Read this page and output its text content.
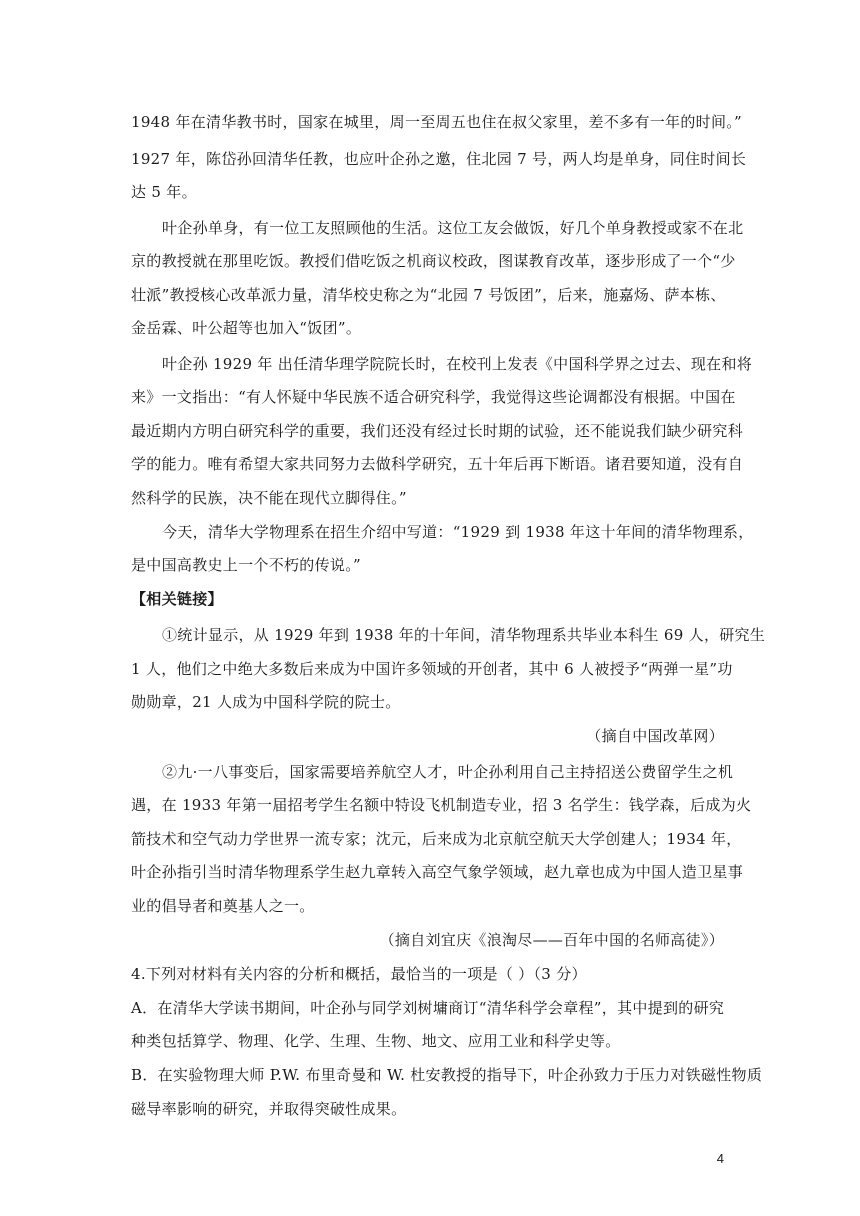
1948 年在清华教书时，国家在城里，周一至周五也住在叔父家里，差不多有一年的时间。”
1927 年，陈岱孙回清华任教，也应叶企孙之邀，住北园 7 号，两人均是单身，同住时间长
达 5 年。
叶企孙单身，有一位工友照顾他的生活。这位工友会做饭，好几个单身教授或家不在北
京的教授就在那里吃饭。教授们借吃饭之机商议校政，图谋教育改革，逐步形成了一个“少
壮派”教授核心改革派力量，清华校史称之为“北园 7 号饭团”，后来，施嘉炀、萨本栋、
金岳霖、叶公超等也加入“饭团”。
叶企孙 1929 年 出任清华理学院院长时，在校刊上发表《中国科学界之过去、现在和将
来》一文指出：“有人怀疑中华民族不适合研究科学，我觉得这些论调都没有根据。中国在
最近期内方明白研究科学的重要，我们还没有经过长时期的试验，还不能说我们缺少研究科
学的能力。唯有希望大家共同努力去做科学研究，五十年后再下断语。诸君要知道，没有自
然科学的民族，决不能在现代立脚得住。”
今天，清华大学物理系在招生介绍中写道：“1929 到 1938 年这十年间的清华物理系，
是中国高教史上一个不朽的传说。”
【相关链接】
①统计显示，从 1929 年到 1938 年的十年间，清华物理系共毕业本科生 69 人，研究生
1 人，他们之中绝大多数后来成为中国许多领域的开创者，其中 6 人被授予“两弹一星”功
勋勋章，21 人成为中国科学院的院士。
（摘自中国改革网）
②九·一八事变后，国家需要培养航空人才，叶企孙利用自己主持招送公费留学生之机
遇，在 1933 年第一届招考学生名额中特设飞机制造专业，招 3 名学生：钱学森，后成为火
箭技术和空气动力学世界一流专家；沈元，后来成为北京航空航天大学创建人；1934 年，
叶企孙指引当时清华物理系学生赵九章转入高空气象学领域，赵九章也成为中国人造卫星事
业的倡导者和奠基人之一。
（摘自刘宜庆《浪淘尽——百年中国的名师高徒》）
4.下列对材料有关内容的分析和概括，最恰当的一项是（ ）（3 分）
A．在清华大学读书期间，叶企孙与同学刘树墉商订“清华科学会章程”，其中提到的研究
种类包括算学、物理、化学、生理、生物、地文、应用工业和科学史等。
B．在实验物理大师 P.W. 布里奇曼和 W. 杜安教授的指导下，叶企孙致力于压力对铁磁性物质
磁导率影响的研究，并取得突破性成果。
4
